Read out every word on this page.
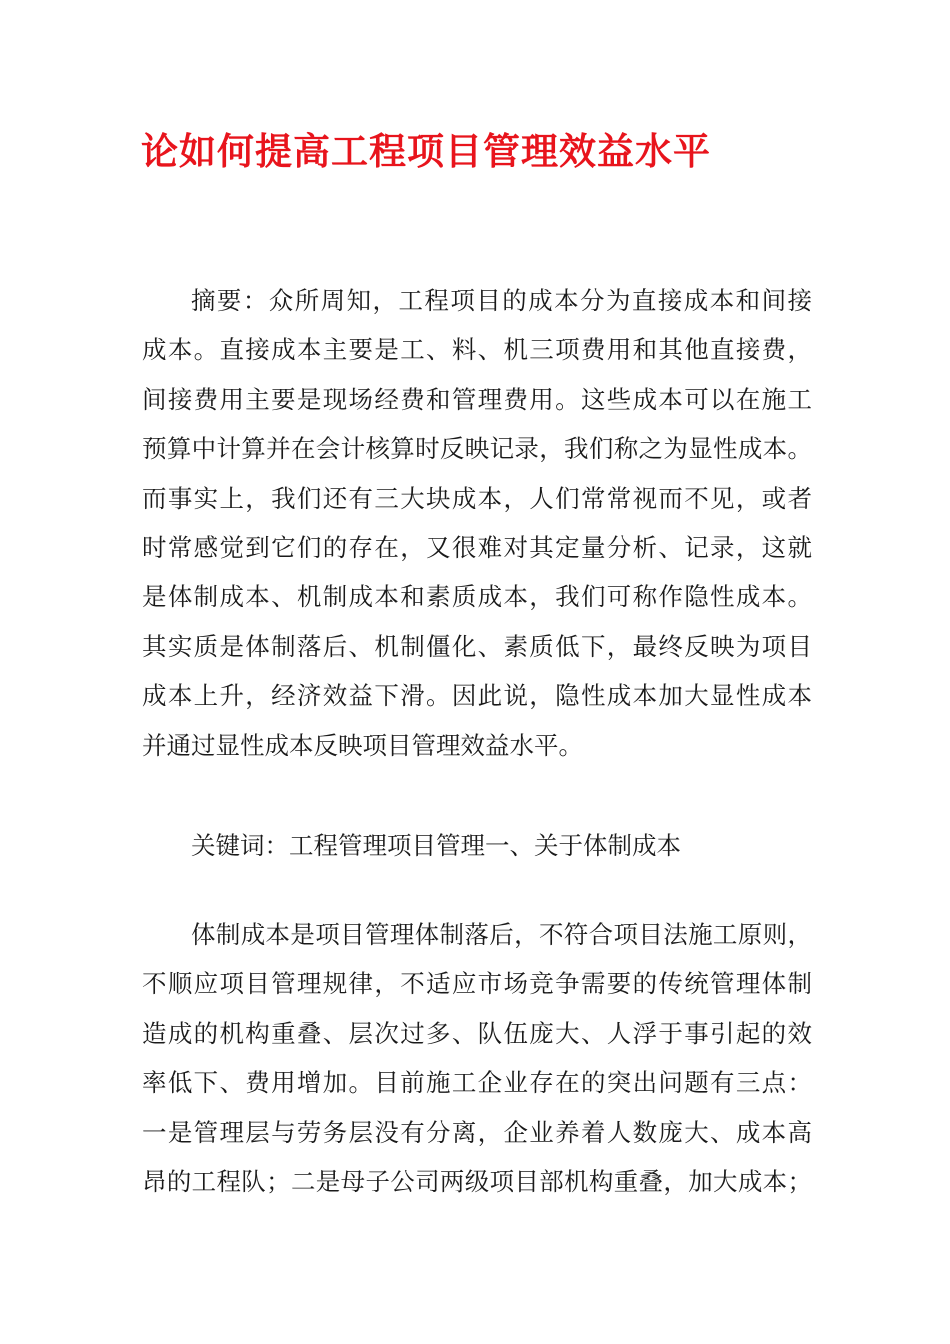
论如何提高工程项目管理效益水平
摘要：众所周知，工程项目的成本分为直接成本和间接
成本。直接成本主要是工、料、机三项费用和其他直接费，
间接费用主要是现场经费和管理费用。这些成本可以在施工
预算中计算并在会计核算时反映记录，我们称之为显性成本。
而事实上，我们还有三大块成本，人们常常视而不见，或者
时常感觉到它们的存在，又很难对其定量分析、记录，这就
是体制成本、机制成本和素质成本，我们可称作隐性成本。
其实质是体制落后、机制僵化、素质低下，最终反映为项目
成本上升，经济效益下滑。因此说，隐性成本加大显性成本
并通过显性成本反映项目管理效益水平。
关键词：工程管理项目管理一、关于体制成本
体制成本是项目管理体制落后，不符合项目法施工原则，
不顺应项目管理规律，不适应市场竞争需要的传统管理体制
造成的机构重叠、层次过多、队伍庞大、人浮于事引起的效
率低下、费用增加。目前施工企业存在的突出问题有三点：
一是管理层与劳务层没有分离，企业养着人数庞大、成本高
昂的工程队；二是母子公司两级项目部机构重叠，加大成本；
